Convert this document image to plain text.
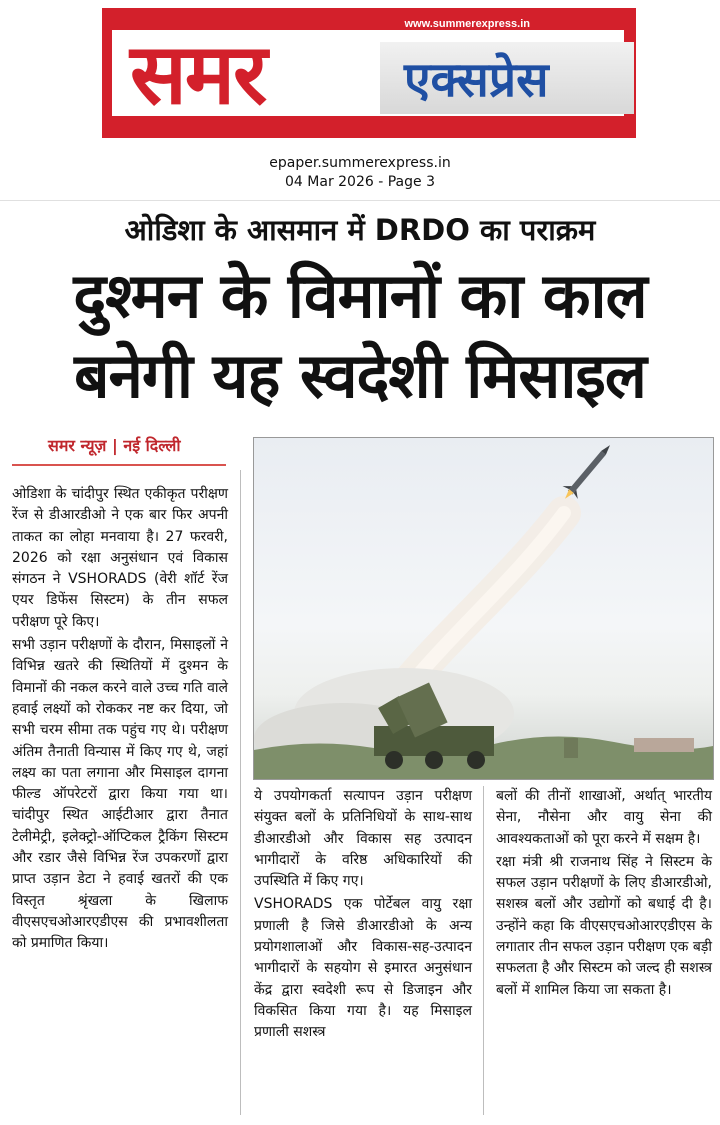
समर	एक्सप्रेस
www.summerexpress.in
epaper.summerexpress.in
04 Mar 2026 - Page 3
ओडिशा के आसमान में DRDO का पराक्रम
दुश्मन के विमानों का काल
बनेगी यह स्वदेशी मिसाइल
समर न्यूज़ | नई दिल्ली

ओडिशा के चांदीपुर स्थित एकीकृत परीक्षण रेंज से डीआरडीओ ने एक बार फिर अपनी ताकत का लोहा मनवाया है। 27 फरवरी, 2026 को रक्षा अनुसंधान एवं विकास संगठन ने VSHORADS (वेरी शॉर्ट रेंज एयर डिफेंस सिस्टम) के तीन सफल परीक्षण पूरे किए।

सभी उड़ान परीक्षणों के दौरान, मिसाइलों ने विभिन्न खतरे की स्थितियों में दुश्मन के विमानों की नकल करने वाले उच्च गति वाले हवाई लक्ष्यों को रोककर नष्ट कर दिया, जो सभी चरम सीमा तक पहुंच गए थे। परीक्षण अंतिम तैनाती विन्यास में किए गए थे, जहां लक्ष्य का पता लगाना और मिसाइल दागना फील्ड ऑपरेटरों द्वारा किया गया था। चांदीपुर स्थित आईटीआर द्वारा तैनात टेलीमेट्री, इलेक्ट्रो-ऑप्टिकल ट्रैकिंग सिस्टम और रडार जैसे विभिन्न रेंज उपकरणों द्वारा प्राप्त उड़ान डेटा ने हवाई खतरों की एक विस्तृत श्रृंखला के खिलाफ वीएसएचओआरएडीएस की प्रभावशीलता को प्रमाणित किया।

ये उपयोगकर्ता सत्यापन उड़ान परीक्षण संयुक्त बलों के प्रतिनिधियों के साथ-साथ डीआरडीओ और विकास सह उत्पादन भागीदारों के वरिष्ठ अधिकारियों की उपस्थिति में किए गए।

VSHORADS एक पोर्टेबल वायु रक्षा प्रणाली है जिसे डीआरडीओ के अन्य प्रयोगशालाओं और विकास-सह-उत्पादन भागीदारों के सहयोग से इमारत अनुसंधान केंद्र द्वारा स्वदेशी रूप से डिजाइन और विकसित किया गया है। यह मिसाइल प्रणाली सशस्त्र

बलों की तीनों शाखाओं, अर्थात् भारतीय सेना, नौसेना और वायु सेना की आवश्यकताओं को पूरा करने में सक्षम है।

रक्षा मंत्री श्री राजनाथ सिंह ने सिस्टम के सफल उड़ान परीक्षणों के लिए डीआरडीओ, सशस्त्र बलों और उद्योगों को बधाई दी है। उन्होंने कहा कि वीएसएचओआरएडीएस के लगातार तीन सफल उड़ान परीक्षण एक बड़ी सफलता है और सिस्टम को जल्द ही सशस्त्र बलों में शामिल किया जा सकता है।
